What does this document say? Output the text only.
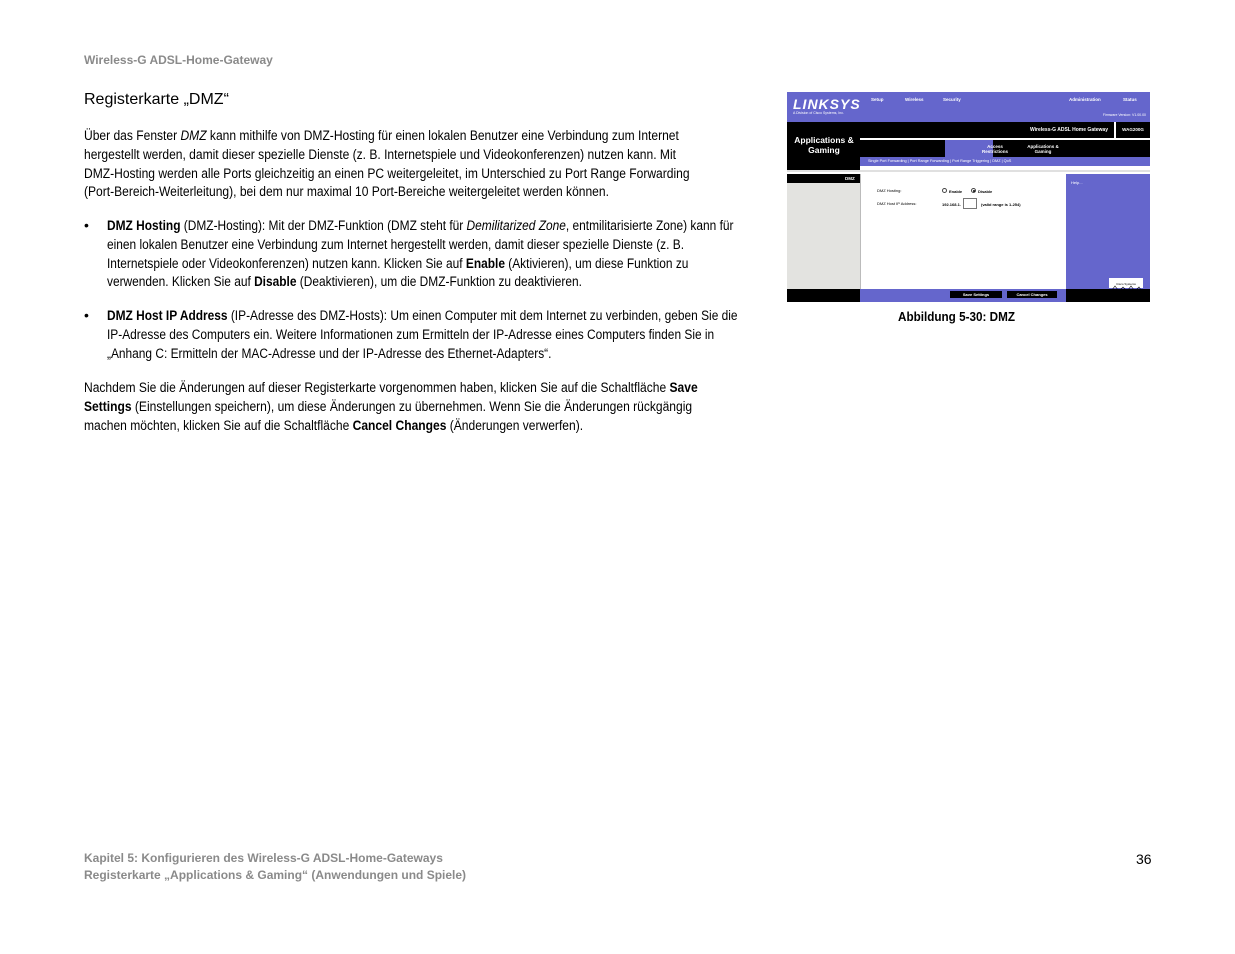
Wireless-G ADSL-Home-Gateway
Registerkarte „DMZ“

Über das Fenster DMZ kann mithilfe von DMZ-Hosting für einen lokalen Benutzer eine Verbindung zum Internet hergestellt werden, damit dieser spezielle Dienste (z. B. Internetspiele und Videokonferenzen) nutzen kann. Mit DMZ-Hosting werden alle Ports gleichzeitig an einen PC weitergeleitet, im Unterschied zu Port Range Forwarding (Port-Bereich-Weiterleitung), bei dem nur maximal 10 Port-Bereiche weitergeleitet werden können.

• DMZ Hosting (DMZ-Hosting): Mit der DMZ-Funktion (DMZ steht für Demilitarized Zone, entmilitarisierte Zone) kann für einen lokalen Benutzer eine Verbindung zum Internet hergestellt werden, damit dieser spezielle Dienste (z. B. Internetspiele oder Videokonferenzen) nutzen kann. Klicken Sie auf Enable (Aktivieren), um diese Funktion zu verwenden. Klicken Sie auf Disable (Deaktivieren), um die DMZ-Funktion zu deaktivieren.
• DMZ Host IP Address (IP-Adresse des DMZ-Hosts): Um einen Computer mit dem Internet zu verbinden, geben Sie die IP-Adresse des Computers ein. Weitere Informationen zum Ermitteln der IP-Adresse eines Computers finden Sie in „Anhang C: Ermitteln der MAC-Adresse und der IP-Adresse des Ethernet-Adapters“.

Nachdem Sie die Änderungen auf dieser Registerkarte vorgenommen haben, klicken Sie auf die Schaltfläche Save Settings (Einstellungen speichern), um diese Änderungen zu übernehmen. Wenn Sie die Änderungen rückgängig machen möchten, klicken Sie auf die Schaltfläche Cancel Changes (Änderungen verwerfen).

LINKSYS
A Division of Cisco Systems, Inc.	Firmware Version: V1.00.00
Applications & Gaming
Wireless-G ADSL Home Gateway	WAG200G
Setup	Wireless	Security
Access Restrictions
Applications & Gaming
Administration	Status
Single Port Forwarding | Port Range Forwarding | Port Range Triggering | DMZ | QoS
DMZ
DMZ Hosting:	Enable	Disable
DMZ Host IP Address:	192.168.1.	(valid range is 1-254)
Help...
Cisco Systems
Save Settings	Cancel Changes
Abbildung 5-30: DMZ
Kapitel 5: Konfigurieren des Wireless-G ADSL-Home-Gateways
Registerkarte „Applications & Gaming“ (Anwendungen und Spiele)
36
